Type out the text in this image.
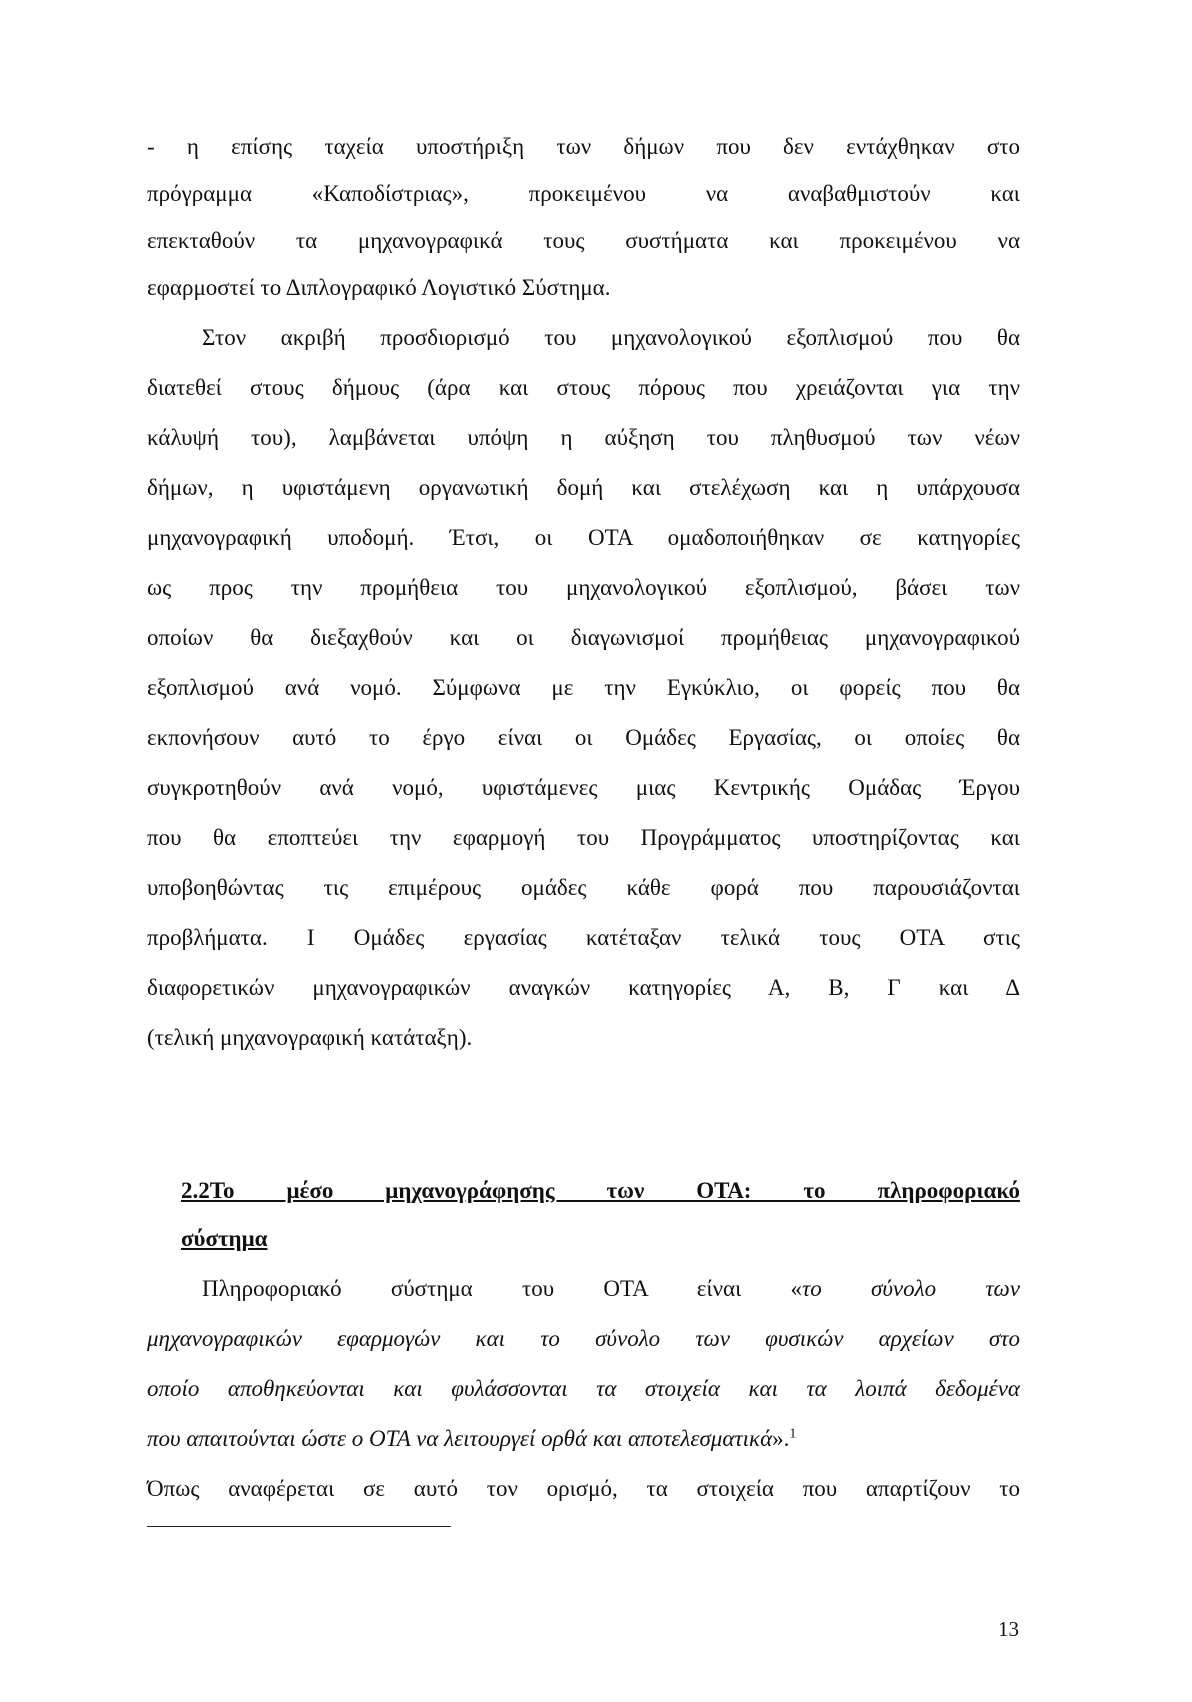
- η επίσης ταχεία υποστήριξη των δήμων που δεν εντάχθηκαν στο
πρόγραμμα «Καποδίστριας», προκειμένου να αναβαθμιστούν και
επεκταθούν τα μηχανογραφικά τους συστήματα και προκειμένου να
εφαρμοστεί το Διπλογραφικό Λογιστικό Σύστημα.
Στον ακριβή προσδιορισμό του μηχανολογικού εξοπλισμού που θα
διατεθεί στους δήμους (άρα και στους πόρους που χρειάζονται για την
κάλυψή του), λαμβάνεται υπόψη η αύξηση του πληθυσμού των νέων
δήμων, η υφιστάμενη οργανωτική δομή και στελέχωση και η υπάρχουσα
μηχανογραφική υποδομή. Έτσι, οι ΟΤΑ ομαδοποιήθηκαν σε κατηγορίες
ως προς την προμήθεια του μηχανολογικού εξοπλισμού, βάσει των
οποίων θα διεξαχθούν και οι διαγωνισμοί προμήθειας μηχανογραφικού
εξοπλισμού ανά νομό. Σύμφωνα με την Εγκύκλιο, οι φορείς που θα
εκπονήσουν αυτό το έργο είναι οι Ομάδες Εργασίας, οι οποίες θα
συγκροτηθούν ανά νομό, υφιστάμενες μιας Κεντρικής Ομάδας Έργου
που θα εποπτεύει την εφαρμογή του Προγράμματος υποστηρίζοντας και
υποβοηθώντας τις επιμέρους ομάδες κάθε φορά που παρουσιάζονται
προβλήματα. Ι Ομάδες εργασίας κατέταξαν τελικά τους ΟΤΑ στις
διαφορετικών μηχανογραφικών αναγκών κατηγορίες Α, Β, Γ και Δ
(τελική μηχανογραφική κατάταξη).
2.2Το μέσο μηχανογράφησης των ΟΤΑ: το πληροφοριακό
σύστημα
Πληροφοριακό σύστημα του ΟΤΑ είναι «το σύνολο των
μηχανογραφικών εφαρμογών και το σύνολο των φυσικών αρχείων στο
οποίο αποθηκεύονται και φυλάσσονται τα στοιχεία και τα λοιπά δεδομένα
που απαιτούνται ώστε ο ΟΤΑ να λειτουργεί ορθά και αποτελεσματικά».$^1$
Όπως αναφέρεται σε αυτό τον ορισμό, τα στοιχεία που απαρτίζουν το
13
